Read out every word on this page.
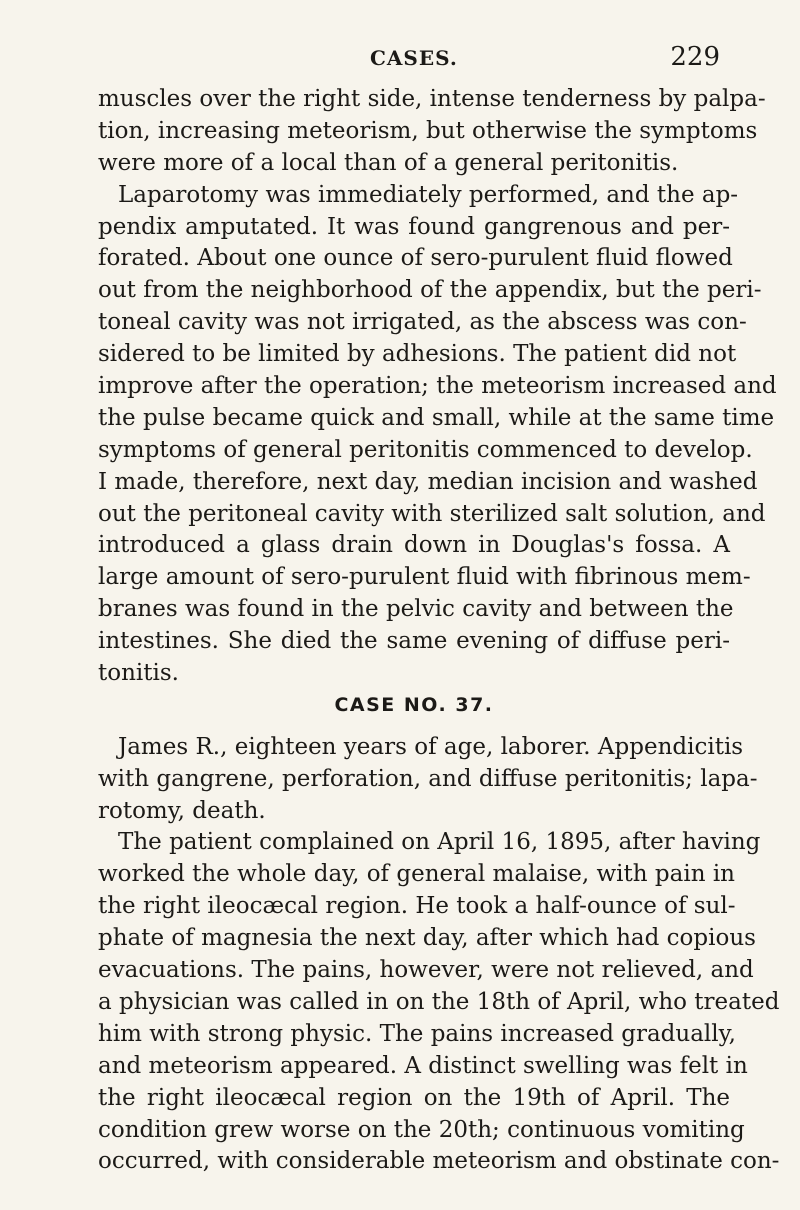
CASES.	229
muscles over the right side, intense tenderness by palpa-
tion, increasing meteorism, but otherwise the symptoms
were more of a local than of a general peritonitis.
Laparotomy was immediately performed, and the ap-
pendix amputated. It was found gangrenous and per-
forated. About one ounce of sero-purulent fluid flowed
out from the neighborhood of the appendix, but the peri-
toneal cavity was not irrigated, as the abscess was con-
sidered to be limited by adhesions. The patient did not
improve after the operation; the meteorism increased and
the pulse became quick and small, while at the same time
symptoms of general peritonitis commenced to develop.
I made, therefore, next day, median incision and washed
out the peritoneal cavity with sterilized salt solution, and
introduced a glass drain down in Douglas's fossa. A
large amount of sero-purulent fluid with fibrinous mem-
branes was found in the pelvic cavity and between the
intestines. She died the same evening of diffuse peri-
tonitis.
CASE NO. 37.
James R., eighteen years of age, laborer. Appendicitis
with gangrene, perforation, and diffuse peritonitis; lapa-
rotomy, death.
The patient complained on April 16, 1895, after having
worked the whole day, of general malaise, with pain in
the right ileocæcal region. He took a half-ounce of sul-
phate of magnesia the next day, after which had copious
evacuations. The pains, however, were not relieved, and
a physician was called in on the 18th of April, who treated
him with strong physic. The pains increased gradually,
and meteorism appeared. A distinct swelling was felt in
the right ileocæcal region on the 19th of April. The
condition grew worse on the 20th; continuous vomiting
occurred, with considerable meteorism and obstinate con-
